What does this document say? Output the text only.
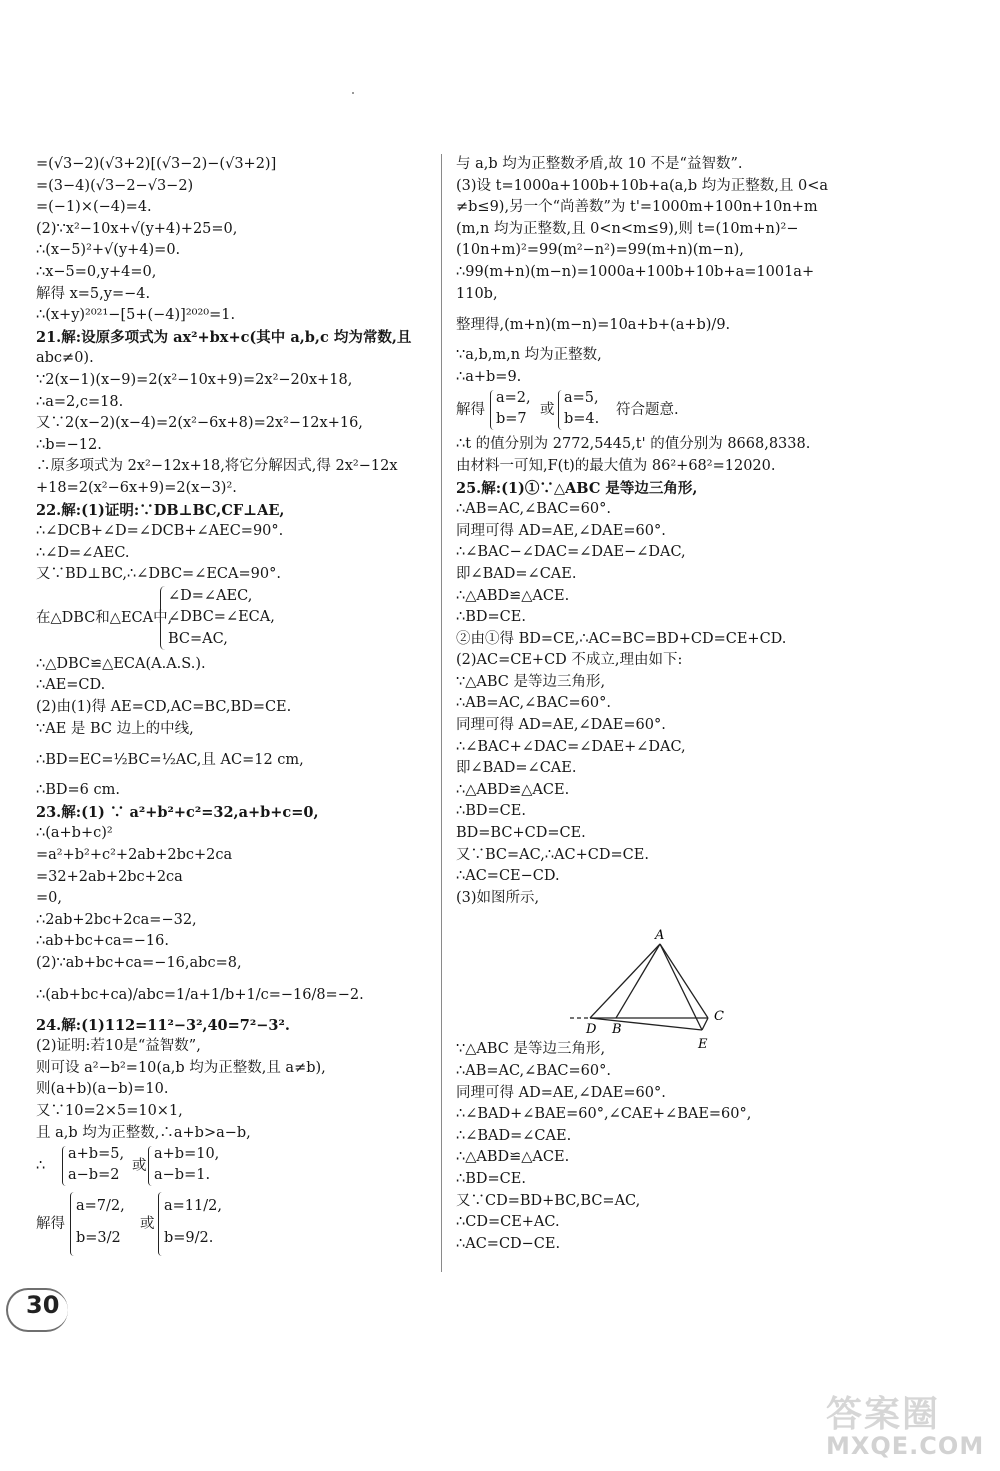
=(√3−2)(√3+2)[(√3−2)−(√3+2)]
=(3−4)(√3−2−√3−2)
=(−1)×(−4)=4.
(2)∵x²−10x+√(y+4)+25=0,
∴(x−5)²+√(y+4)=0.
∴x−5=0,y+4=0,
解得 x=5,y=−4.
∴(x+y)²⁰²¹−[5+(−4)]²⁰²⁰=1.
21.解:设原多项式为 ax²+bx+c(其中 a,b,c 均为常数,且
abc≠0).
∵2(x−1)(x−9)=2(x²−10x+9)=2x²−20x+18,
∴a=2,c=18.
又∵2(x−2)(x−4)=2(x²−6x+8)=2x²−12x+16,
∴b=−12.
∴原多项式为 2x²−12x+18,将它分解因式,得 2x²−12x
+18=2(x²−6x+9)=2(x−3)².
22.解:(1)证明:∵DB⊥BC,CF⊥AE,
∴∠DCB+∠D=∠DCB+∠AEC=90°.
∴∠D=∠AEC.
又∵BD⊥BC,∴∠DBC=∠ECA=90°.
在△DBC和△ECA中,
∠D=∠AEC,
∠DBC=∠ECA,
BC=AC,
∴△DBC≌△ECA(A.A.S.).
∴AE=CD.
(2)由(1)得 AE=CD,AC=BC,BD=CE.
∵AE 是 BC 边上的中线,
∴BD=EC=½BC=½AC,且 AC=12 cm,
∴BD=6 cm.
23.解:(1) ∵ a²+b²+c²=32,a+b+c=0,
∴(a+b+c)²
=a²+b²+c²+2ab+2bc+2ca
=32+2ab+2bc+2ca
=0,
∴2ab+2bc+2ca=−32,
∴ab+bc+ca=−16.
(2)∵ab+bc+ca=−16,abc=8,
∴(ab+bc+ca)/abc=1/a+1/b+1/c=−16/8=−2.
24.解:(1)112=11²−3²,40=7²−3².
(2)证明:若10是“益智数”,
则可设 a²−b²=10(a,b 均为正整数,且 a≠b),
则(a+b)(a−b)=10.
又∵10=2×5=10×1,
且 a,b 均为正整数,∴a+b>a−b,
∴
a+b=5,
a−b=2
或
a+b=10,
a−b=1.
解得
a=7/2,
b=3/2
或
a=11/2,
b=9/2.
与 a,b 均为正整数矛盾,故 10 不是“益智数”.
(3)设 t=1000a+100b+10b+a(a,b 均为正整数,且 0<a
≠b≤9),另一个“尚善数”为 t'=1000m+100n+10n+m
(m,n 均为正整数,且 0<n<m≤9),则 t=(10m+n)²−
(10n+m)²=99(m²−n²)=99(m+n)(m−n),
∴99(m+n)(m−n)=1000a+100b+10b+a=1001a+
110b,
整理得,(m+n)(m−n)=10a+b+(a+b)/9.
∵a,b,m,n 均为正整数,
∴a+b=9.
解得
a=2,
b=7
或
a=5,
b=4.
符合题意.
∴t 的值分别为 2772,5445,t' 的值分别为 8668,8338.
由材料一可知,F(t)的最大值为 86²+68²=12020.
25.解:(1)①∵△ABC 是等边三角形,
∴AB=AC,∠BAC=60°.
同理可得 AD=AE,∠DAE=60°.
∴∠BAC−∠DAC=∠DAE−∠DAC,
即∠BAD=∠CAE.
∴△ABD≌△ACE.
∴BD=CE.
②由①得 BD=CE,∴AC=BC=BD+CD=CE+CD.
(2)AC=CE+CD 不成立,理由如下:
∵△ABC 是等边三角形,
∴AB=AC,∠BAC=60°.
同理可得 AD=AE,∠DAE=60°.
∴∠BAC+∠DAC=∠DAE+∠DAC,
即∠BAD=∠CAE.
∴△ABD≌△ACE.
∴BD=CE.
BD=BC+CD=CE.
又∵BC=AC,∴AC+CD=CE.
∴AC=CE−CD.
(3)如图所示,
∵△ABC 是等边三角形,
∴AB=AC,∠BAC=60°.
同理可得 AD=AE,∠DAE=60°.
∴∠BAD+∠BAE=60°,∠CAE+∠BAE=60°,
∴∠BAD=∠CAE.
∴△ABD≌△ACE.
∴BD=CE.
又∵CD=BD+BC,BC=AC,
∴CD=CE+AC.
∴AC=CD−CE.
A
D B
C
E
30
答案圈
MXQE.COM
